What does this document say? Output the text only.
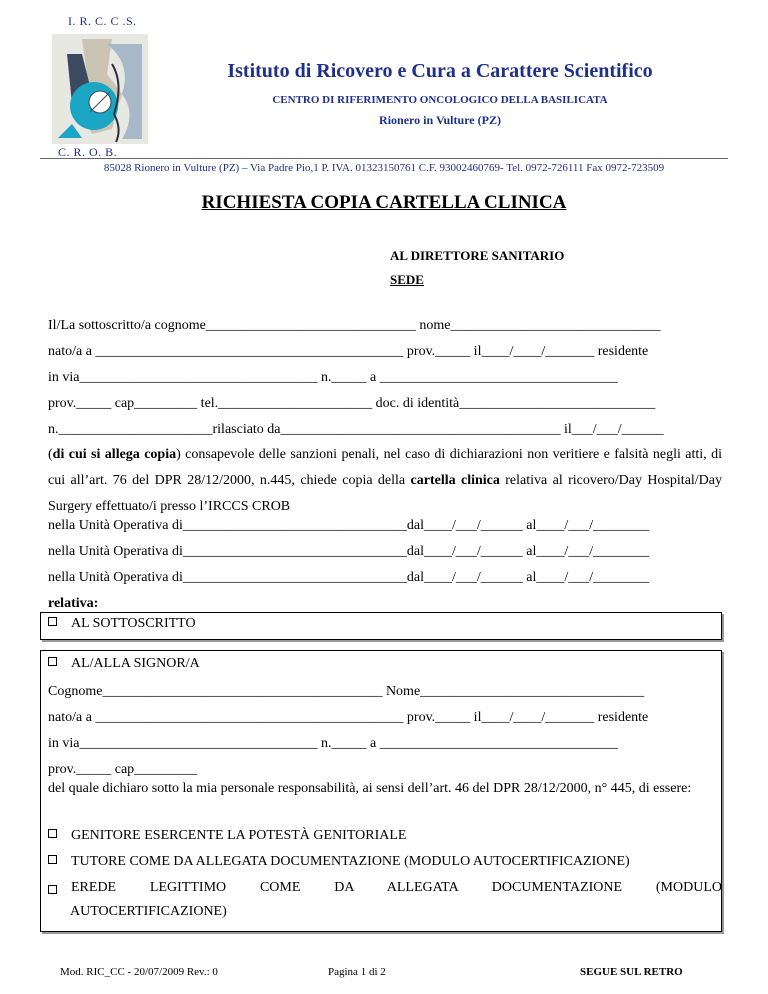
I. R. C. C .S.
C. R. O. B.
Istituto di Ricovero e Cura a Carattere Scientifico
CENTRO DI RIFERIMENTO ONCOLOGICO DELLA BASILICATA
Rionero in Vulture (PZ)
85028 Rionero in Vulture (PZ) – Via Padre Pio,1 P. IVA. 01323150761 C.F. 93002460769- Tel. 0972-726111 Fax 0972-723509
RICHIESTA COPIA CARTELLA CLINICA
AL DIRETTORE SANITARIO
SEDE
Il/La sottoscritto/a cognome______________________________ nome______________________________
nato/a a ____________________________________________ prov._____ il____/____/_______ residente
in via__________________________________ n._____ a __________________________________
prov._____ cap_________ tel.______________________ doc. di identità____________________________
n.______________________rilasciato da________________________________________ il___/___/______
(di cui si allega copia) consapevole delle sanzioni penali, nel caso di dichiarazioni non veritiere e falsità negli atti, di cui all’art. 76 del DPR 28/12/2000, n.445, chiede copia della cartella clinica relativa al ricovero/Day Hospital/Day Surgery effettuato/i presso l’IRCCS CROB
nella Unità Operativa di________________________________dal____/___/______ al____/___/________
nella Unità Operativa di________________________________dal____/___/______ al____/___/________
nella Unità Operativa di________________________________dal____/___/______ al____/___/________
relativa:
AL SOTTOSCRITTO
AL/ALLA SIGNOR/A
Cognome________________________________________ Nome________________________________
nato/a a ____________________________________________ prov._____ il____/____/_______ residente
in via__________________________________ n._____ a __________________________________
prov._____ cap_________
del quale dichiaro sotto la mia personale responsabilità, ai sensi dell’art. 46 del DPR 28/12/2000, n° 445, di essere:
GENITORE ESERCENTE LA POTESTÀ GENITORIALE
TUTORE COME DA ALLEGATA DOCUMENTAZIONE (MODULO AUTOCERTIFICAZIONE)
EREDE LEGITTIMO COME DA ALLEGATA DOCUMENTAZIONE (MODULO
AUTOCERTIFICAZIONE)
Mod. RIC_CC - 20/07/2009 Rev.: 0	Pagina 1 di 2	SEGUE SUL RETRO
